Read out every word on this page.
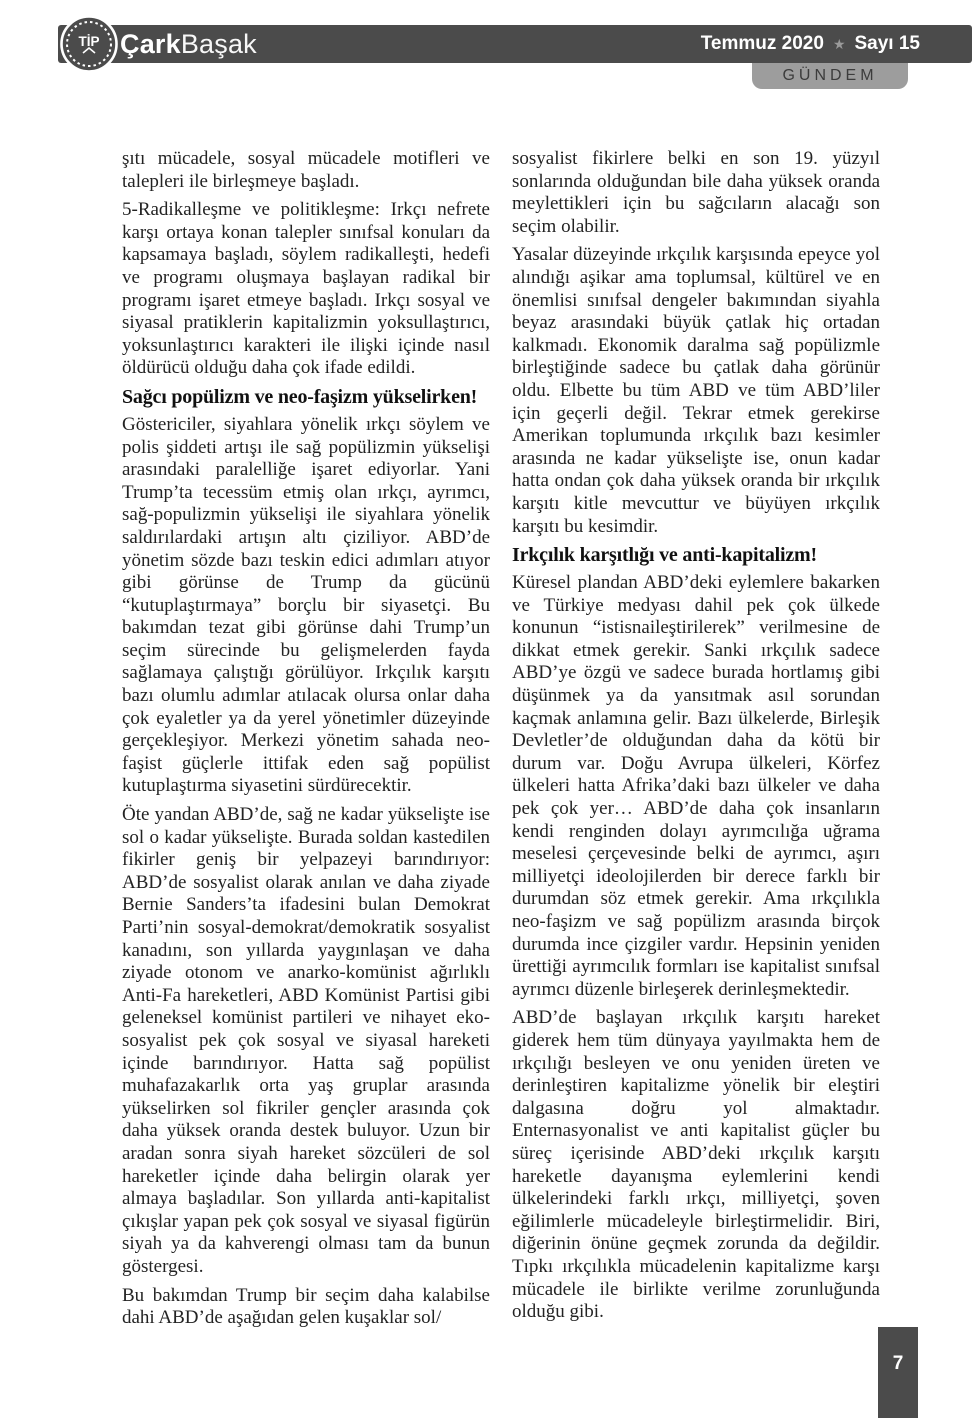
TİP Çark Başak	Temmuz 2020 ★ Sayı 15
GÜNDEM

şıtı mücadele, sosyal mücadele motifleri ve talepleri ile birleşmeye başladı.

5-Radikalleşme ve politikleşme: Irkçı nefrete karşı ortaya konan talepler sınıfsal konuları da kapsamaya başladı, söylem radikalleşti, hedefi ve programı oluşmaya başlayan radikal bir programı işaret etmeye başladı. Irkçı sosyal ve siyasal pratiklerin kapitalizmin yoksullaştırıcı, yoksunlaştırıcı karakteri ile ilişki içinde nasıl öldürücü olduğu daha çok ifade edildi.

Sağcı popülizm ve neo-faşizm yükselirken!

Göstericiler, siyahlara yönelik ırkçı söylem ve polis şiddeti artışı ile sağ popülizmin yükselişi arasındaki paralelliğe işaret ediyorlar. Yani Trump’ta tecessüm etmiş olan ırkçı, ayrımcı, sağ-populizmin yükselişi ile siyahlara yönelik saldırılardaki artışın altı çiziliyor. ABD’de yönetim sözde bazı teskin edici adımları atıyor gibi görünse de Trump da gücünü “kutuplaştırmaya” borçlu bir siyasetçi. Bu bakımdan tezat gibi görünse dahi Trump’un seçim sürecinde bu gelişmelerden fayda sağlamaya çalıştığı görülüyor. Irkçılık karşıtı bazı olumlu adımlar atılacak olursa onlar daha çok eyaletler ya da yerel yönetimler düzeyinde gerçekleşiyor. Merkezi yönetim sahada neo-faşist güçlerle ittifak eden sağ popülist kutuplaştırma siyasetini sürdürecektir.

Öte yandan ABD’de, sağ ne kadar yükselişte ise sol o kadar yükselişte. Burada soldan kastedilen fikirler geniş bir yelpazeyi barındırıyor: ABD’de sosyalist olarak anılan ve daha ziyade Bernie Sanders’ta ifadesini bulan Demokrat Parti’nin sosyal-demokrat/demokratik sosyalist kanadını, son yıllarda yaygınlaşan ve daha ziyade otonom ve anarko-komünist ağırlıklı Anti-Fa hareketleri, ABD Komünist Partisi gibi geleneksel komünist partileri ve nihayet eko-sosyalist pek çok sosyal ve siyasal hareketi içinde barındırıyor. Hatta sağ popülist muhafazakarlık orta yaş gruplar arasında yükselirken sol fikriler gençler arasında çok daha yüksek oranda destek buluyor. Uzun bir aradan sonra siyah hareket sözcüleri de sol hareketler içinde daha belirgin olarak yer almaya başladılar. Son yıllarda anti-kapitalist çıkışlar yapan pek çok sosyal ve siyasal figürün siyah ya da kahverengi olması tam da bunun göstergesi.

Bu bakımdan Trump bir seçim daha kalabilse dahi ABD’de aşağıdan gelen kuşaklar sol/

sosyalist fikirlere belki en son 19. yüzyıl sonlarında olduğundan bile daha yüksek oranda meylettikleri için bu sağcıların alacağı son seçim olabilir.

Yasalar düzeyinde ırkçılık karşısında epeyce yol alındığı aşikar ama toplumsal, kültürel ve en önemlisi sınıfsal dengeler bakımından siyahla beyaz arasındaki büyük çatlak hiç ortadan kalkmadı. Ekonomik daralma sağ popülizmle birleştiğinde sadece bu çatlak daha görünür oldu. Elbette bu tüm ABD ve tüm ABD’liler için geçerli değil. Tekrar etmek gerekirse Amerikan toplumunda ırkçılık bazı kesimler arasında ne kadar yükselişte ise, onun kadar hatta ondan çok daha yüksek oranda bir ırkçılık karşıtı kitle mevcuttur ve büyüyen ırkçılık karşıtı bu kesimdir.

Irkçılık karşıtlığı ve anti-kapitalizm!

Küresel plandan ABD’deki eylemlere bakarken ve Türkiye medyası dahil pek çok ülkede konunun “istisnaileştirilerek” verilmesine de dikkat etmek gerekir. Sanki ırkçılık sadece ABD’ye özgü ve sadece burada hortlamış gibi düşünmek ya da yansıtmak asıl sorundan kaçmak anlamına gelir. Bazı ülkelerde, Birleşik Devletler’de olduğundan daha da kötü bir durum var. Doğu Avrupa ülkeleri, Körfez ülkeleri hatta Afrika’daki bazı ülkeler ve daha pek çok yer… ABD’de daha çok insanların kendi renginden dolayı ayrımcılığa uğrama meselesi çerçevesinde belki de ayrımcı, aşırı milliyetçi ideolojilerden bir derece farklı bir durumdan söz etmek gerekir. Ama ırkçılıkla neo-faşizm ve sağ popülizm arasında birçok durumda ince çizgiler vardır. Hepsinin yeniden ürettiği ayrımcılık formları ise kapitalist sınıfsal ayrımcı düzenle birleşerek derinleşmektedir.

ABD’de başlayan ırkçılık karşıtı hareket giderek hem tüm dünyaya yayılmakta hem de ırkçılığı besleyen ve onu yeniden üreten ve derinleştiren kapitalizme yönelik bir eleştiri dalgasına doğru yol almaktadır. Enternasyonalist ve anti kapitalist güçler bu süreç içerisinde ABD’deki ırkçılık karşıtı hareketle dayanışma eylemlerini kendi ülkelerindeki farklı ırkçı, milliyetçi, şoven eğilimlerle mücadeleyle birleştirmelidir. Biri, diğerinin önüne geçmek zorunda da değildir. Tıpkı ırkçılıkla mücadelenin kapitalizme karşı mücadele ile birlikte verilme zorunluğunda olduğu gibi.

7
